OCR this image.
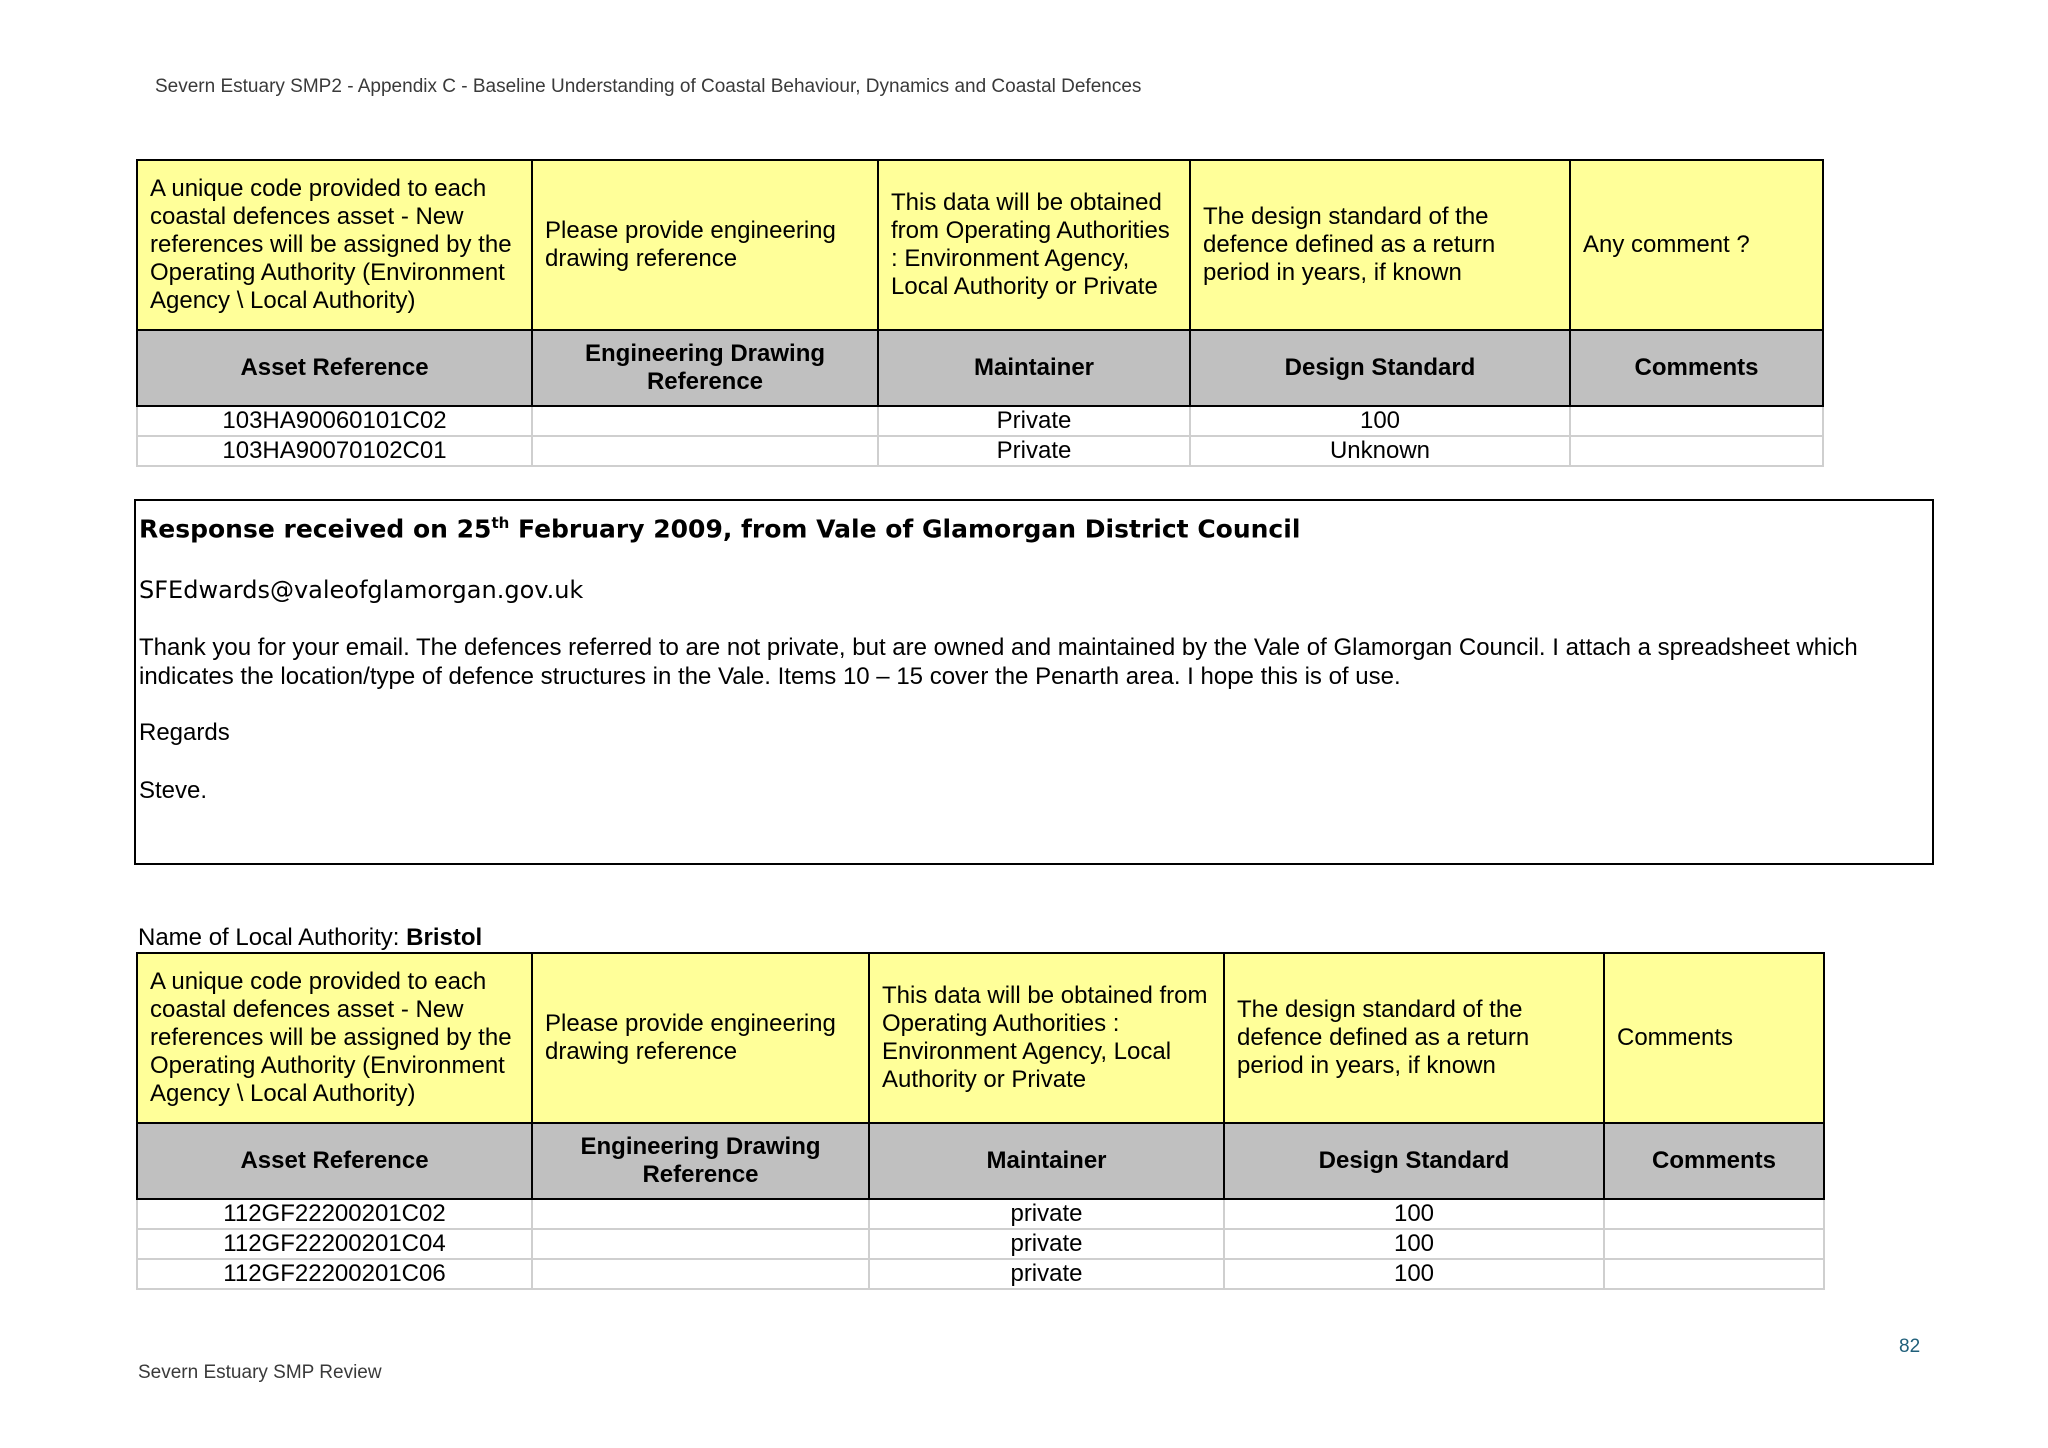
Severn Estuary SMP2 - Appendix C - Baseline Understanding of Coastal Behaviour, Dynamics and Coastal Defences
A unique code provided to each coastal defences asset - New references will be assigned by the Operating Authority (Environment Agency \ Local Authority)	Please provide engineering drawing reference	This data will be obtained from Operating Authorities : Environment Agency, Local Authority or Private	The design standard of the defence defined as a return period in years, if known	Any comment ?
Asset Reference	Engineering Drawing Reference	Maintainer	Design Standard	Comments
103HA90060101C02		Private	100	
103HA90070102C01		Private	Unknown	
Response received on 25th February 2009, from Vale of Glamorgan District Council
SFEdwards@valeofglamorgan.gov.uk
Thank you for your email. The defences referred to are not private, but are owned and maintained by the Vale of Glamorgan Council. I attach a spreadsheet which indicates the location/type of defence structures in the Vale. Items 10 – 15 cover the Penarth area. I hope this is of use.
Regards
Steve.
Name of Local Authority: Bristol
A unique code provided to each coastal defences asset - New references will be assigned by the Operating Authority (Environment Agency \ Local Authority)	Please provide engineering drawing reference	This data will be obtained from Operating Authorities : Environment Agency, Local Authority or Private	The design standard of the defence defined as a return period in years, if known	Comments
Asset Reference	Engineering Drawing Reference	Maintainer	Design Standard	Comments
112GF22200201C02		private	100	
112GF22200201C04		private	100	
112GF22200201C06		private	100	
82
Severn Estuary SMP Review
